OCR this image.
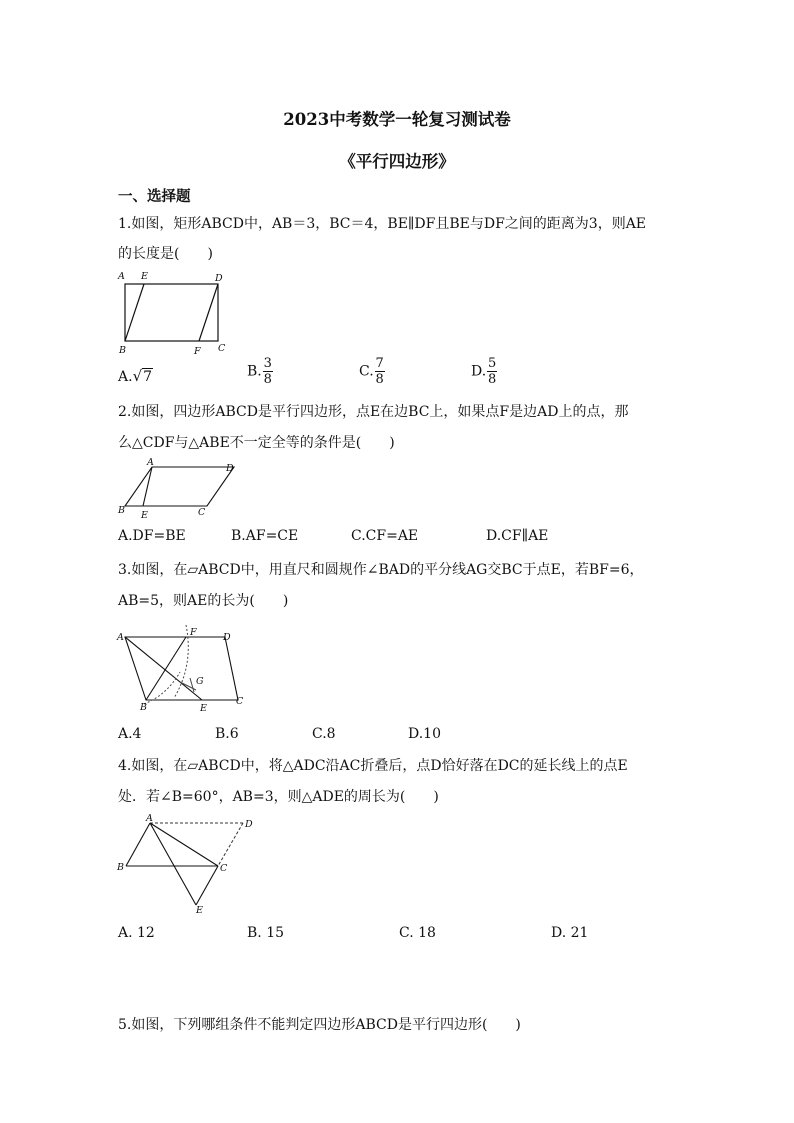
2023中考数学一轮复习测试卷
《平行四边形》
一、选择题
1.如图，矩形ABCD中，AB＝3，BC＝4，BE∥DF且BE与DF之间的距离为3，则AE
的长度是(　　)
A E	D
B	F C
A.√7	B. $\frac{3}{8}$	C. $\frac{7}{8}$	D. $\frac{5}{8}$
2.如图，四边形ABCD是平行四边形，点E在边BC上，如果点F是边AD上的点，那
么△CDF与△ABE不一定全等的条件是(　　)
A
D
B E	C
A.DF=BE	B.AF=CE	C.CF=AE	D.CF∥AE
3.如图，在▱ABCD中，用直尺和圆规作∠BAD的平分线AG交BC于点E，若BF=6，
AB=5，则AE的长为(　　)
A	F	D
G
B	E
C
A.4	B.6	C.8	D.10
4.如图，在▱ABCD中，将△ADC沿AC折叠后，点D恰好落在DC的延长线上的点E
处．若∠B=60°，AB=3，则△ADE的周长为(　　)
A
D
B	C
E
A. 12	B. 15	C. 18	D. 21
5.如图，下列哪组条件不能判定四边形ABCD是平行四边形(　　)
